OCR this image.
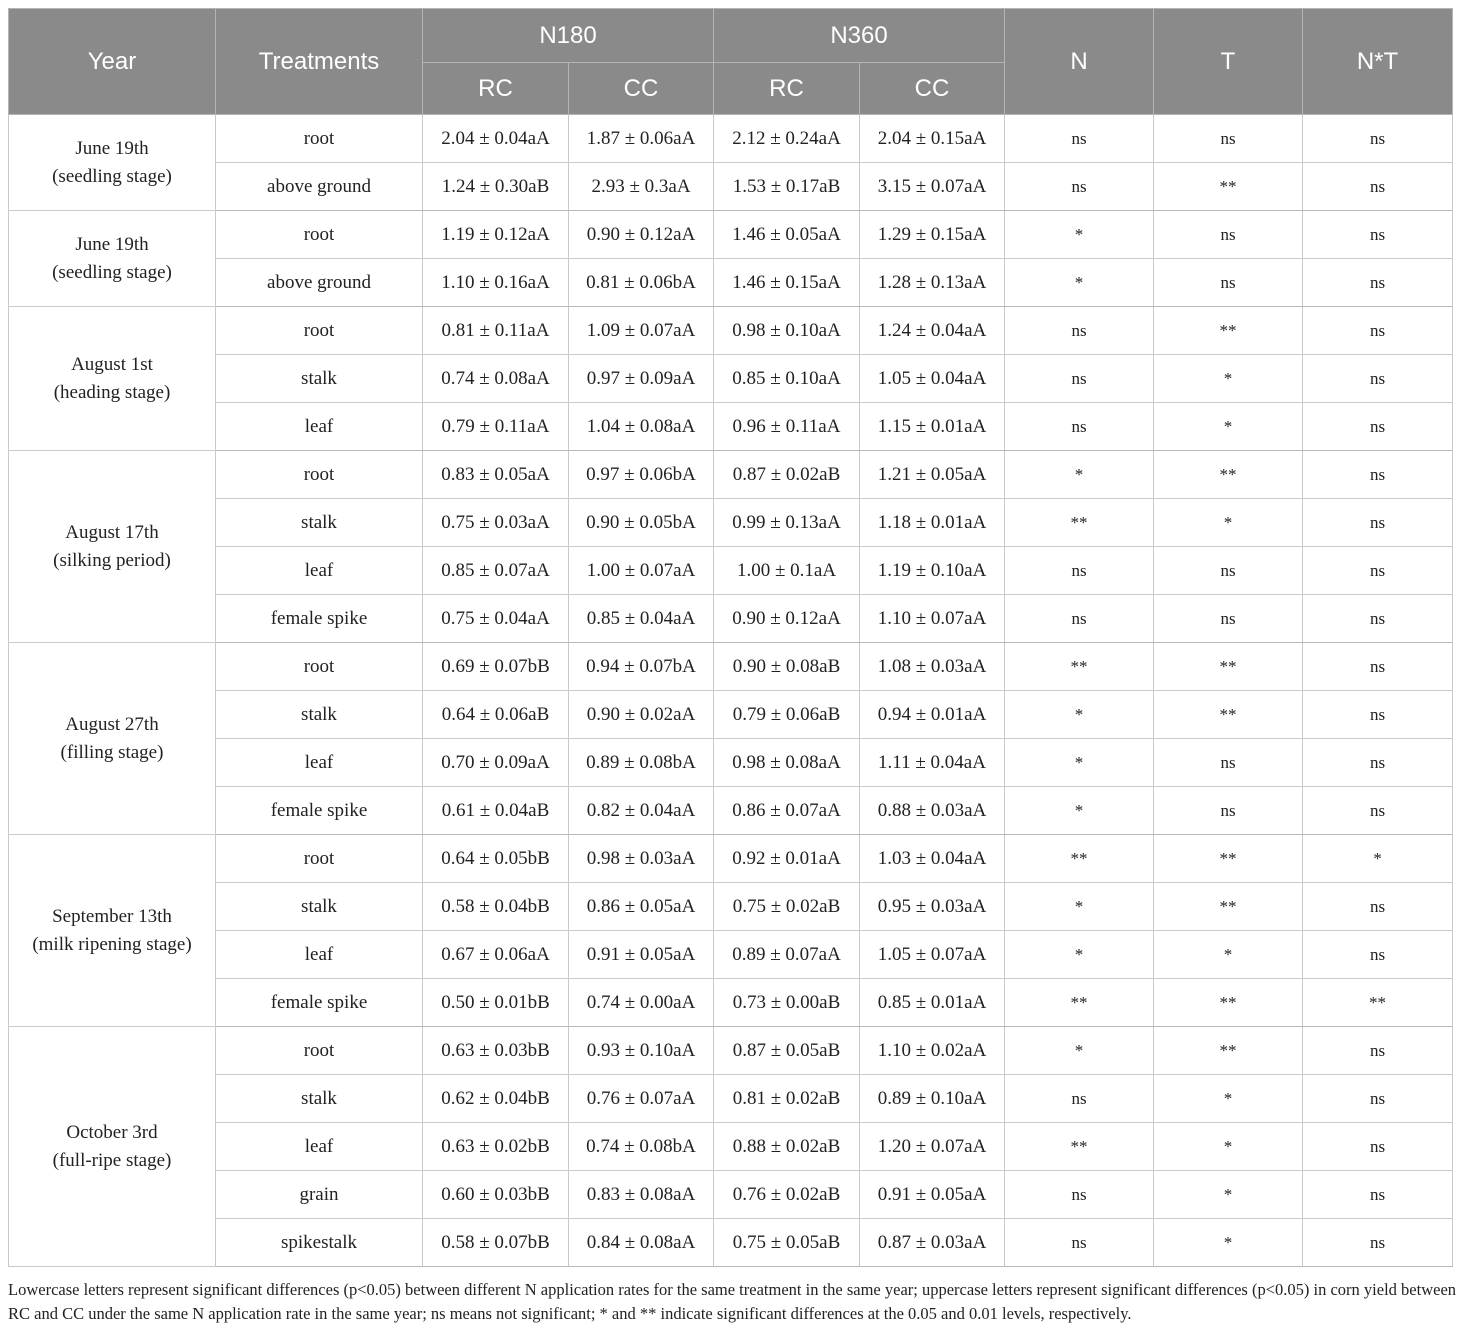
Year	Treatments	N180		N360		N	T	N*T
		RC	CC	RC	CC			

June 19th
(seedling stage)	root	2.04 ± 0.04aA	1.87 ± 0.06aA	2.12 ± 0.24aA	2.04 ± 0.15aA	ns	ns	ns
	above ground	1.24 ± 0.30aB	2.93 ± 0.3aA	1.53 ± 0.17aB	3.15 ± 0.07aA	ns	**	ns

June 19th
(seedling stage)	root	1.19 ± 0.12aA	0.90 ± 0.12aA	1.46 ± 0.05aA	1.29 ± 0.15aA	*	ns	ns
	above ground	1.10 ± 0.16aA	0.81 ± 0.06bA	1.46 ± 0.15aA	1.28 ± 0.13aA	*	ns	ns

August 1st
(heading stage)	root	0.81 ± 0.11aA	1.09 ± 0.07aA	0.98 ± 0.10aA	1.24 ± 0.04aA	ns	**	ns
	stalk	0.74 ± 0.08aA	0.97 ± 0.09aA	0.85 ± 0.10aA	1.05 ± 0.04aA	ns	*	ns
	leaf	0.79 ± 0.11aA	1.04 ± 0.08aA	0.96 ± 0.11aA	1.15 ± 0.01aA	ns	*	ns

August 17th
(silking period)	root	0.83 ± 0.05aA	0.97 ± 0.06bA	0.87 ± 0.02aB	1.21 ± 0.05aA	*	**	ns
	stalk	0.75 ± 0.03aA	0.90 ± 0.05bA	0.99 ± 0.13aA	1.18 ± 0.01aA	**	*	ns
	leaf	0.85 ± 0.07aA	1.00 ± 0.07aA	1.00 ± 0.1aA	1.19 ± 0.10aA	ns	ns	ns
	female spike	0.75 ± 0.04aA	0.85 ± 0.04aA	0.90 ± 0.12aA	1.10 ± 0.07aA	ns	ns	ns

August 27th
(filling stage)	root	0.69 ± 0.07bB	0.94 ± 0.07bA	0.90 ± 0.08aB	1.08 ± 0.03aA	**	**	ns
	stalk	0.64 ± 0.06aB	0.90 ± 0.02aA	0.79 ± 0.06aB	0.94 ± 0.01aA	*	**	ns
	leaf	0.70 ± 0.09aA	0.89 ± 0.08bA	0.98 ± 0.08aA	1.11 ± 0.04aA	*	ns	ns
	female spike	0.61 ± 0.04aB	0.82 ± 0.04aA	0.86 ± 0.07aA	0.88 ± 0.03aA	*	ns	ns

September 13th
(milk ripening stage)	root	0.64 ± 0.05bB	0.98 ± 0.03aA	0.92 ± 0.01aA	1.03 ± 0.04aA	**	**	*
	stalk	0.58 ± 0.04bB	0.86 ± 0.05aA	0.75 ± 0.02aB	0.95 ± 0.03aA	*	**	ns
	leaf	0.67 ± 0.06aA	0.91 ± 0.05aA	0.89 ± 0.07aA	1.05 ± 0.07aA	*	*	ns
	female spike	0.50 ± 0.01bB	0.74 ± 0.00aA	0.73 ± 0.00aB	0.85 ± 0.01aA	**	**	**

October 3rd
(full-ripe stage)	root	0.63 ± 0.03bB	0.93 ± 0.10aA	0.87 ± 0.05aB	1.10 ± 0.02aA	*	**	ns
	stalk	0.62 ± 0.04bB	0.76 ± 0.07aA	0.81 ± 0.02aB	0.89 ± 0.10aA	ns	*	ns
	leaf	0.63 ± 0.02bB	0.74 ± 0.08bA	0.88 ± 0.02aB	1.20 ± 0.07aA	**	*	ns
	grain	0.60 ± 0.03bB	0.83 ± 0.08aA	0.76 ± 0.02aB	0.91 ± 0.05aA	ns	*	ns
	spikestalk	0.58 ± 0.07bB	0.84 ± 0.08aA	0.75 ± 0.05aB	0.87 ± 0.03aA	ns	*	ns
Lowercase letters represent significant differences (p<0.05) between different N application rates for the same treatment in the same year; uppercase letters represent significant differences (p<0.05) in corn yield between RC and CC under the same N application rate in the same year; ns means not significant; * and ** indicate significant differences at the 0.05 and 0.01 levels, respectively.
